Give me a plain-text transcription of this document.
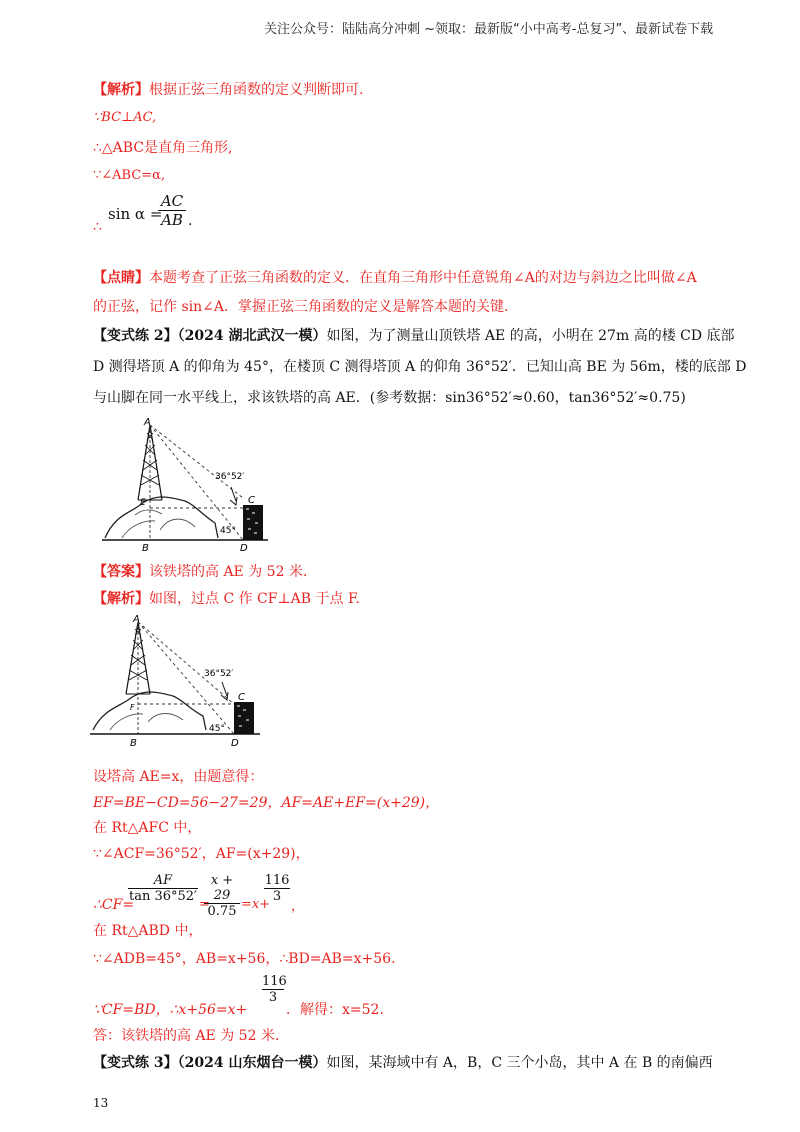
关注公众号：陆陆高分冲刺 ~领取：最新版“小中高考-总复习”、最新试卷下载
【解析】根据正弦三角函数的定义判断即可.
∵BC⊥AC,
∴△ABC是直角三角形,
∵∠ABC=α,
∴
sin α =
$\frac{AC}{AB}$ .
【点睛】本题考查了正弦三角函数的定义．在直角三角形中任意锐角∠A的对边与斜边之比叫做∠A
的正弦，记作 sin∠A．掌握正弦三角函数的定义是解答本题的关键．
【变式练 2】（2024 湖北武汉一模）如图，为了测量山顶铁塔 AE 的高，小明在 27m 高的楼 CD 底部
D 测得塔顶 A 的仰角为 45°，在楼顶 C 测得塔顶 A 的仰角 36°52′．已知山高 BE 为 56m，楼的底部 D
与山脚在同一水平线上，求该铁塔的高 AE．(参考数据：sin36°52′≈0.60，tan36°52′≈0.75)
A
E
B
C
D
36°52′
45°
【答案】该铁塔的高 AE 为 52 米．
【解析】如图，过点 C 作 CF⊥AB 于点 F.
A
F
B
C
D
36°52′
45°
设塔高 AE=x，由题意得：
EF=BE−CD=56−27=29，AF=AE+EF=(x+29)，
在 Rt△AFC 中，
∵∠ACF=36°52′，AF=(x+29)，
∴CF=
$\frac{AF}{\tan 36^\circ 52'}$
=
$\frac{x + 29}{0.75} =x+$
$\frac{116}{3}$
，
在 Rt△ABD 中，
∵∠ADB=45°，AB=x+56，∴BD=AB=x+56.
$\frac{116}{3}$
∵CF=BD，∴x+56=x+	．解得：x=52.
答：该铁塔的高 AE 为 52 米．
【变式练 3】（2024 山东烟台一模）如图，某海域中有 A，B，C 三个小岛，其中 A 在 B 的南偏西
13
